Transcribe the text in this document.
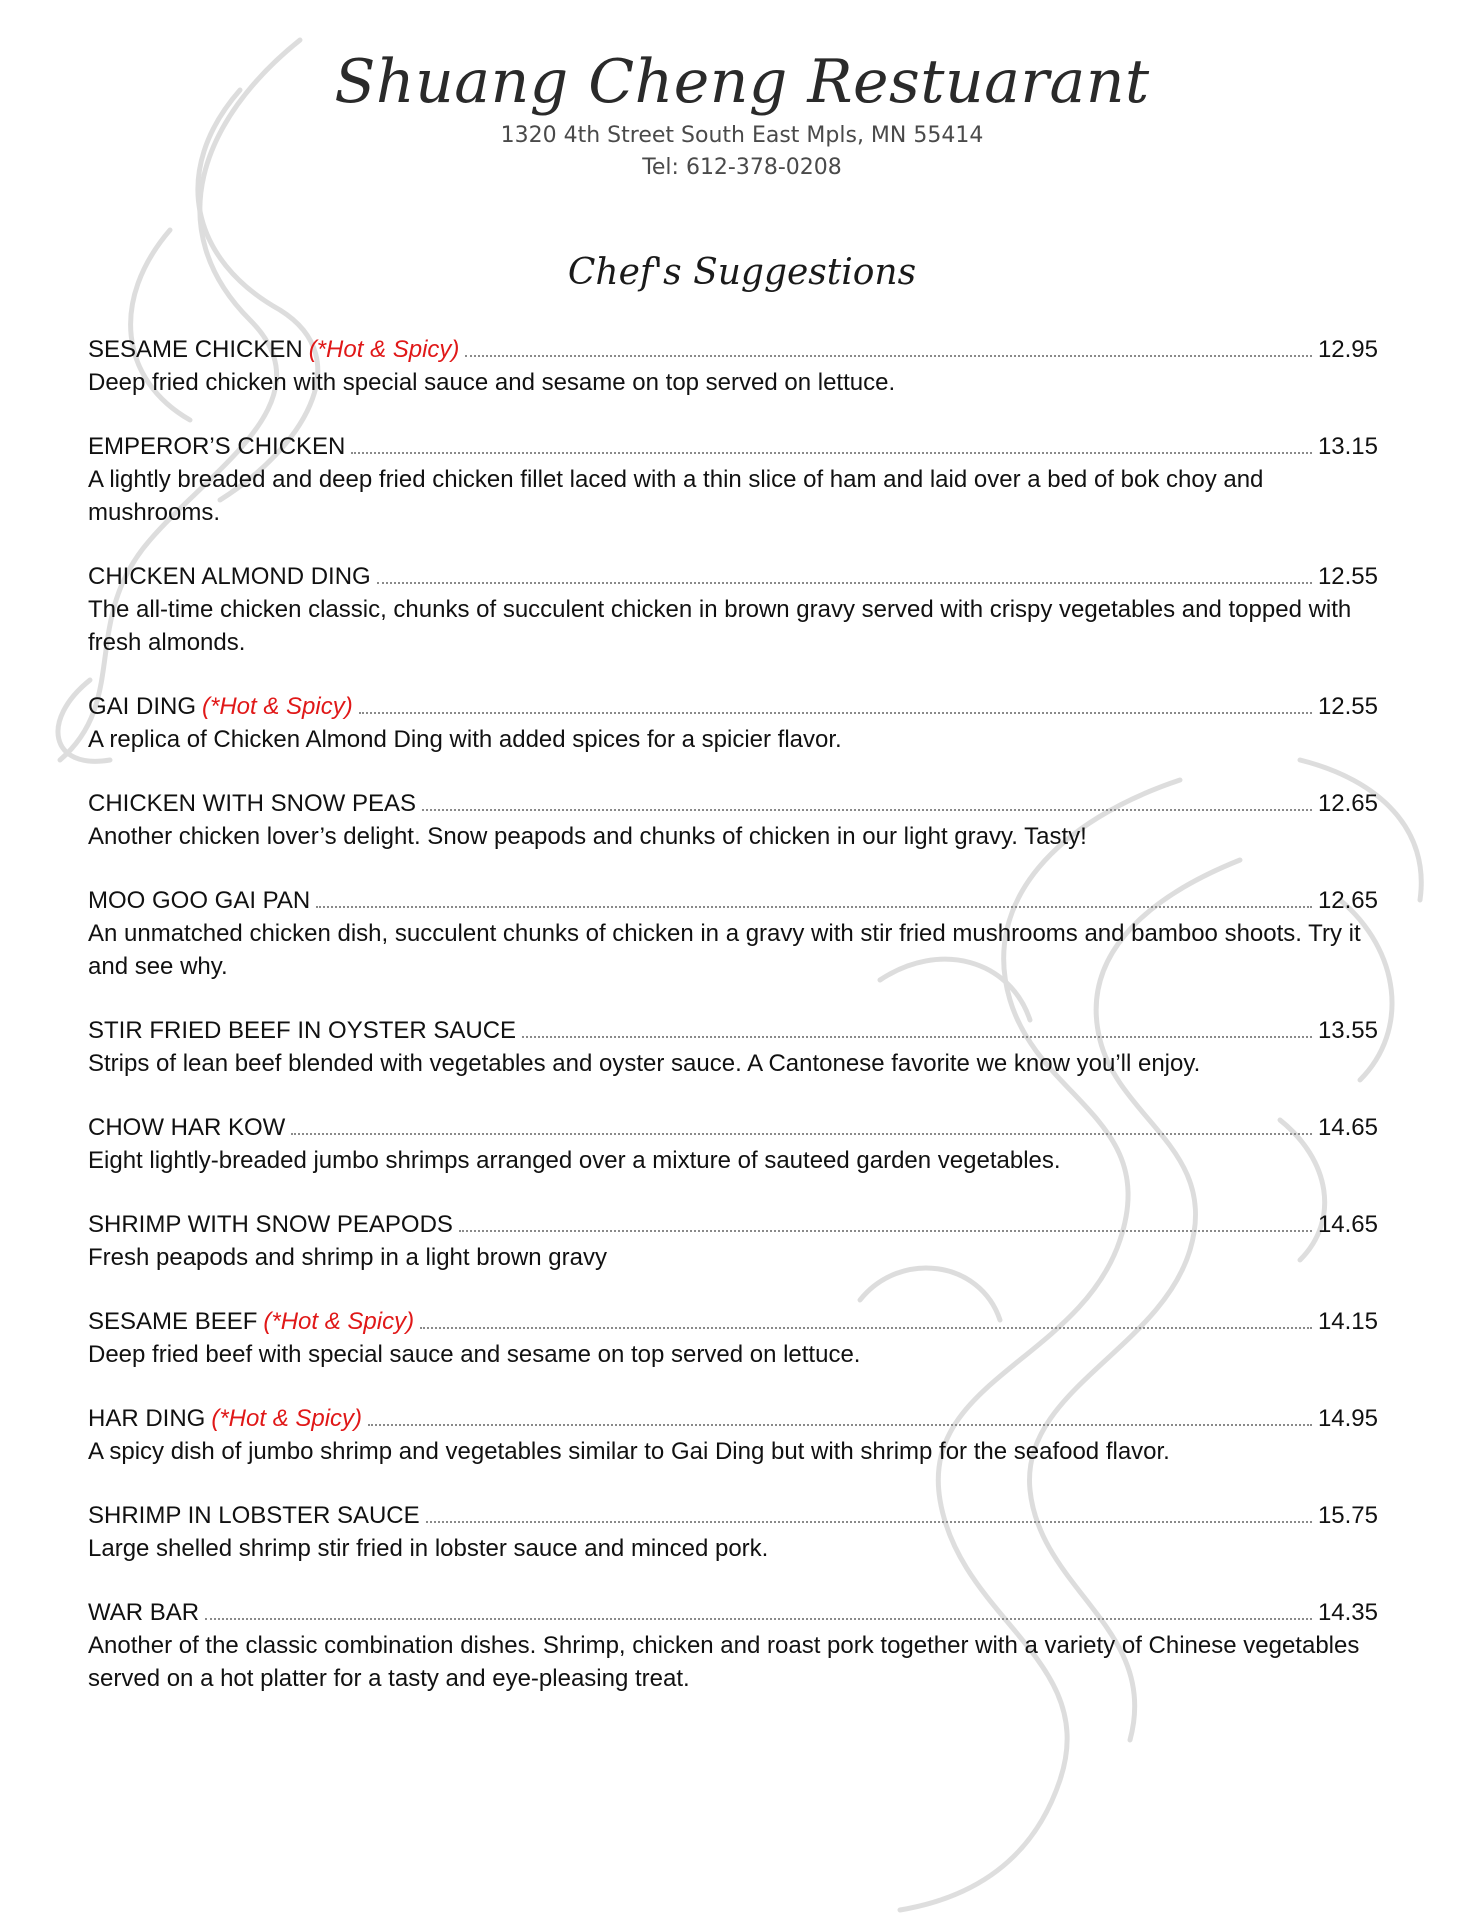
Shuang Cheng Restuarant
1320 4th Street South East Mpls, MN 55414
Tel: 612-378-0208
Chef's Suggestions
SESAME CHICKEN (*Hot & Spicy)	12.95
Deep fried chicken with special sauce and sesame on top served on lettuce.
EMPEROR’S CHICKEN	13.15
A lightly breaded and deep fried chicken fillet laced with a thin slice of ham and laid over a bed of bok choy and mushrooms.
CHICKEN ALMOND DING	12.55
The all-time chicken classic, chunks of succulent chicken in brown gravy served with crispy vegetables and topped with fresh almonds.
GAI DING (*Hot & Spicy)	12.55
A replica of Chicken Almond Ding with added spices for a spicier flavor.
CHICKEN WITH SNOW PEAS	12.65
Another chicken lover’s delight. Snow peapods and chunks of chicken in our light gravy. Tasty!
MOO GOO GAI PAN	12.65
An unmatched chicken dish, succulent chunks of chicken in a gravy with stir fried mushrooms and bamboo shoots. Try it and see why.
STIR FRIED BEEF IN OYSTER SAUCE	13.55
Strips of lean beef blended with vegetables and oyster sauce. A Cantonese favorite we know you’ll enjoy.
CHOW HAR KOW	14.65
Eight lightly-breaded jumbo shrimps arranged over a mixture of sauteed garden vegetables.
SHRIMP WITH SNOW PEAPODS	14.65
Fresh peapods and shrimp in a light brown gravy
SESAME BEEF (*Hot & Spicy)	14.15
Deep fried beef with special sauce and sesame on top served on lettuce.
HAR DING (*Hot & Spicy)	14.95
A spicy dish of jumbo shrimp and vegetables similar to Gai Ding but with shrimp for the seafood flavor.
SHRIMP IN LOBSTER SAUCE	15.75
Large shelled shrimp stir fried in lobster sauce and minced pork.
WAR BAR	14.35
Another of the classic combination dishes. Shrimp, chicken and roast pork together with a variety of Chinese vegetables served on a hot platter for a tasty and eye-pleasing treat.
